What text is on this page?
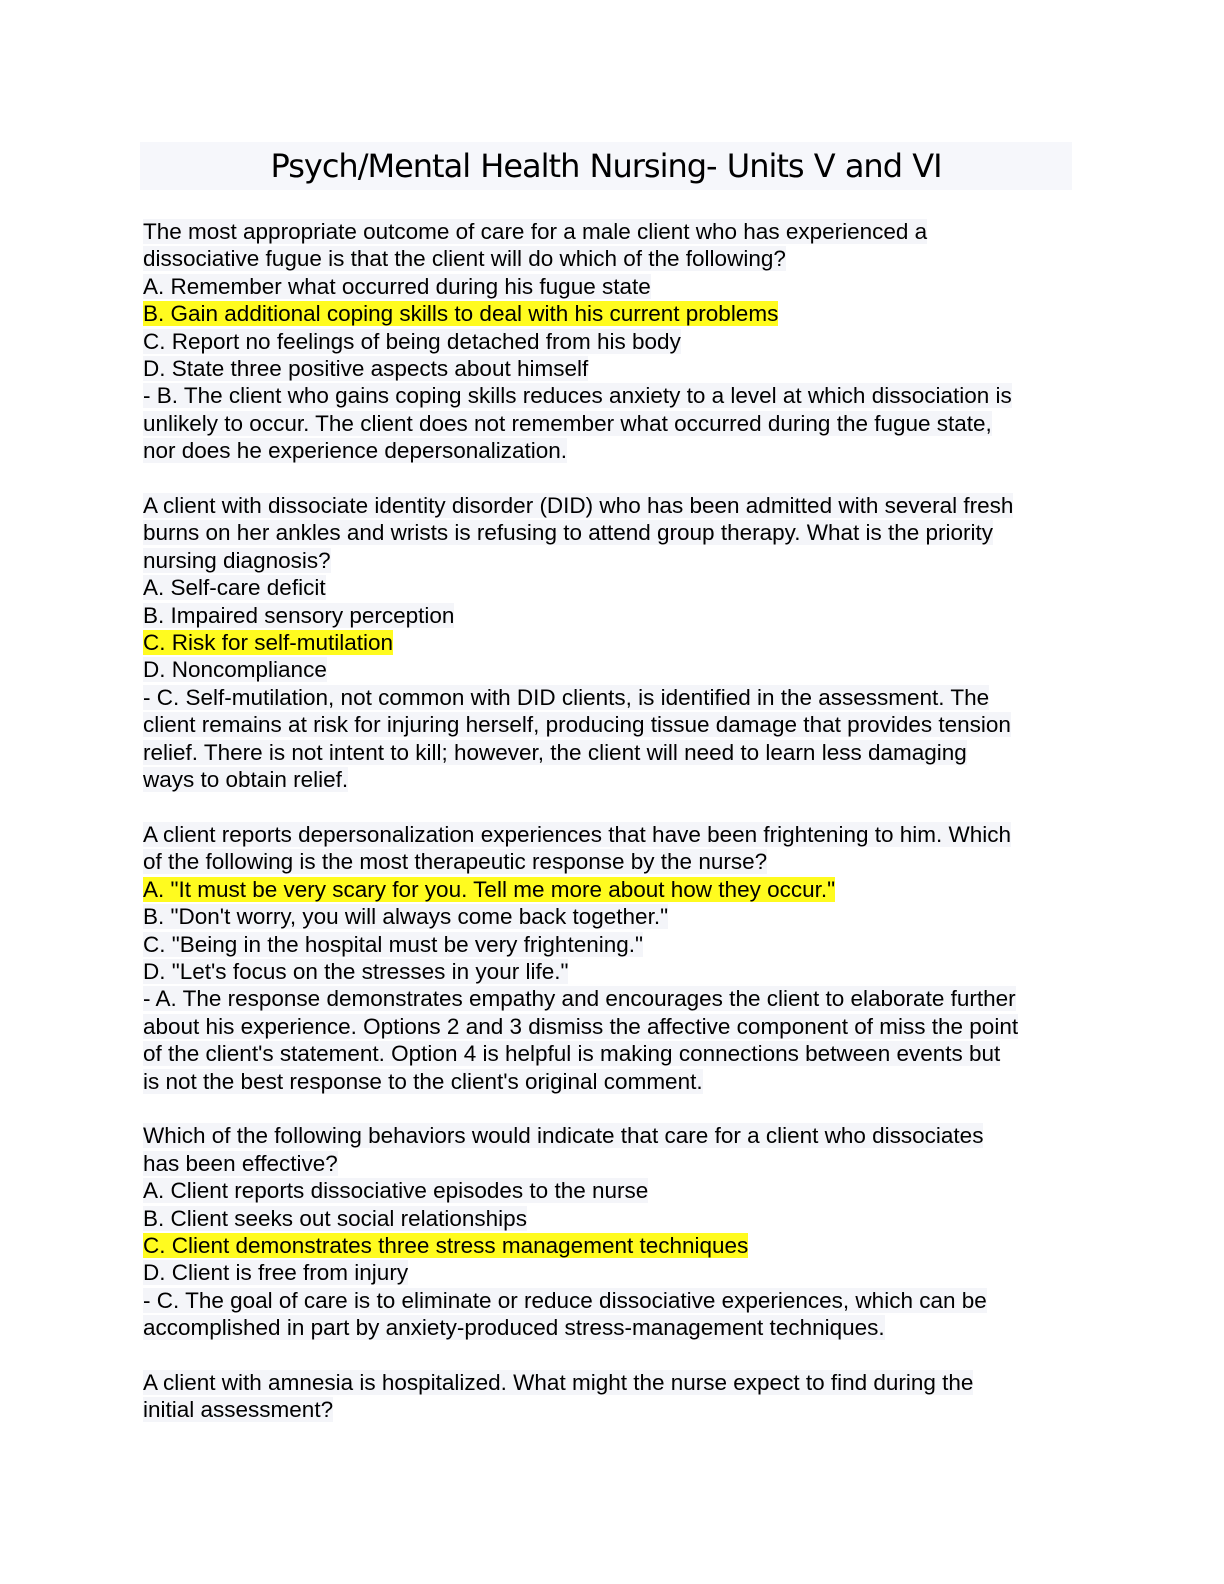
Psych/Mental Health Nursing- Units V and VI
The most appropriate outcome of care for a male client who has experienced a
dissociative fugue is that the client will do which of the following?
A. Remember what occurred during his fugue state
B. Gain additional coping skills to deal with his current problems
C. Report no feelings of being detached from his body
D. State three positive aspects about himself
- B. The client who gains coping skills reduces anxiety to a level at which dissociation is
unlikely to occur. The client does not remember what occurred during the fugue state,
nor does he experience depersonalization.
A client with dissociate identity disorder (DID) who has been admitted with several fresh
burns on her ankles and wrists is refusing to attend group therapy. What is the priority
nursing diagnosis?
A. Self-care deficit
B. Impaired sensory perception
C. Risk for self-mutilation
D. Noncompliance
- C. Self-mutilation, not common with DID clients, is identified in the assessment. The
client remains at risk for injuring herself, producing tissue damage that provides tension
relief. There is not intent to kill; however, the client will need to learn less damaging
ways to obtain relief.
A client reports depersonalization experiences that have been frightening to him. Which
of the following is the most therapeutic response by the nurse?
A. "It must be very scary for you. Tell me more about how they occur."
B. "Don't worry, you will always come back together."
C. "Being in the hospital must be very frightening."
D. "Let's focus on the stresses in your life."
- A. The response demonstrates empathy and encourages the client to elaborate further
about his experience. Options 2 and 3 dismiss the affective component of miss the point
of the client's statement. Option 4 is helpful is making connections between events but
is not the best response to the client's original comment.
Which of the following behaviors would indicate that care for a client who dissociates
has been effective?
A. Client reports dissociative episodes to the nurse
B. Client seeks out social relationships
C. Client demonstrates three stress management techniques
D. Client is free from injury
- C. The goal of care is to eliminate or reduce dissociative experiences, which can be
accomplished in part by anxiety-produced stress-management techniques.
A client with amnesia is hospitalized. What might the nurse expect to find during the
initial assessment?
